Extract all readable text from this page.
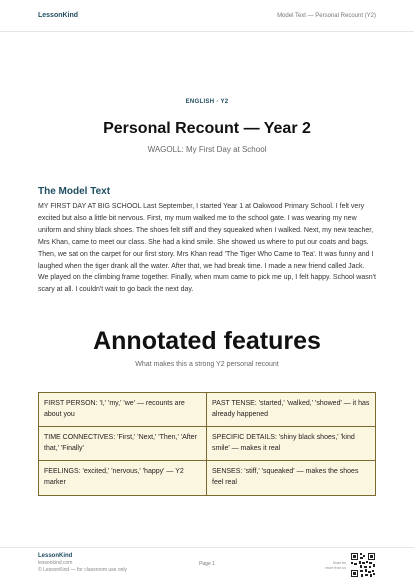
LessonKind	Model Text — Personal Recount (Y2)
ENGLISH · Y2
Personal Recount — Year 2
WAGOLL: My First Day at School
The Model Text

MY FIRST DAY AT BIG SCHOOL Last September, I started Year 1 at Oakwood Primary School. I felt very excited but also a little bit nervous. First, my mum walked me to the school gate. I was wearing my new uniform and shiny black shoes. The shoes felt stiff and they squeaked when I walked. Next, my new teacher, Mrs Khan, came to meet our class. She had a kind smile. She showed us where to put our coats and bags. Then, we sat on the carpet for our first story. Mrs Khan read 'The Tiger Who Came to Tea'. It was funny and I laughed when the tiger drank all the water. After that, we had break time. I made a new friend called Jack. We played on the climbing frame together. Finally, when mum came to pick me up, I felt happy. School wasn't scary at all. I couldn't wait to go back the next day.

Annotated features
What makes this a strong Y2 personal recount
FIRST PERSON: 'I,' 'my,' 'we' — recounts are about you
PAST TENSE: 'started,' 'walked,' 'showed' — it has already happened
TIME CONNECTIVES: 'First,' 'Next,' 'Then,' 'After that,' 'Finally'
SPECIFIC DETAILS: 'shiny black shoes,' 'kind smile' — makes it real
FEELINGS: 'excited,' 'nervous,' 'happy' — Y2 marker
SENSES: 'stiff,' 'squeaked' — makes the shoes feel real
LessonKind
lessonkind.com
© LessonKind — for classroom use only
Page 1	Scan for
more from us
